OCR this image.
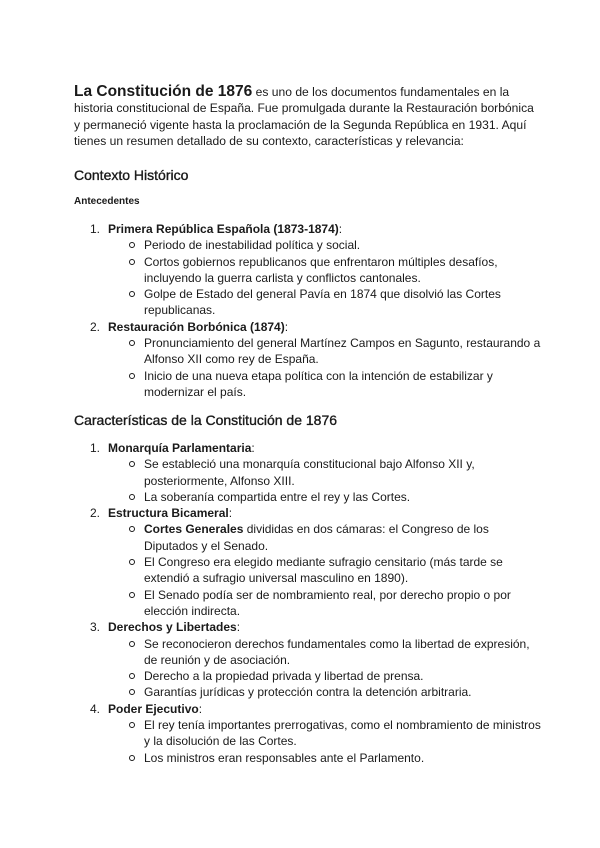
La Constitución de 1876 es uno de los documentos fundamentales en la historia constitucional de España. Fue promulgada durante la Restauración borbónica y permaneció vigente hasta la proclamación de la Segunda República en 1931. Aquí tienes un resumen detallado de su contexto, características y relevancia:

Contexto Histórico
Antecedentes
1. Primera República Española (1873-1874):
Periodo de inestabilidad política y social.
Cortos gobiernos republicanos que enfrentaron múltiples desafíos, incluyendo la guerra carlista y conflictos cantonales.
Golpe de Estado del general Pavía en 1874 que disolvió las Cortes republicanas.
2. Restauración Borbónica (1874):
Pronunciamiento del general Martínez Campos en Sagunto, restaurando a Alfonso XII como rey de España.
Inicio de una nueva etapa política con la intención de estabilizar y modernizar el país.
Características de la Constitución de 1876
1. Monarquía Parlamentaria:
Se estableció una monarquía constitucional bajo Alfonso XII y, posteriormente, Alfonso XIII.
La soberanía compartida entre el rey y las Cortes.
2. Estructura Bicameral:
Cortes Generales divididas en dos cámaras: el Congreso de los Diputados y el Senado.
El Congreso era elegido mediante sufragio censitario (más tarde se extendió a sufragio universal masculino en 1890).
El Senado podía ser de nombramiento real, por derecho propio o por elección indirecta.
3. Derechos y Libertades:
Se reconocieron derechos fundamentales como la libertad de expresión, de reunión y de asociación.
Derecho a la propiedad privada y libertad de prensa.
Garantías jurídicas y protección contra la detención arbitraria.
4. Poder Ejecutivo:
El rey tenía importantes prerrogativas, como el nombramiento de ministros y la disolución de las Cortes.
Los ministros eran responsables ante el Parlamento.
